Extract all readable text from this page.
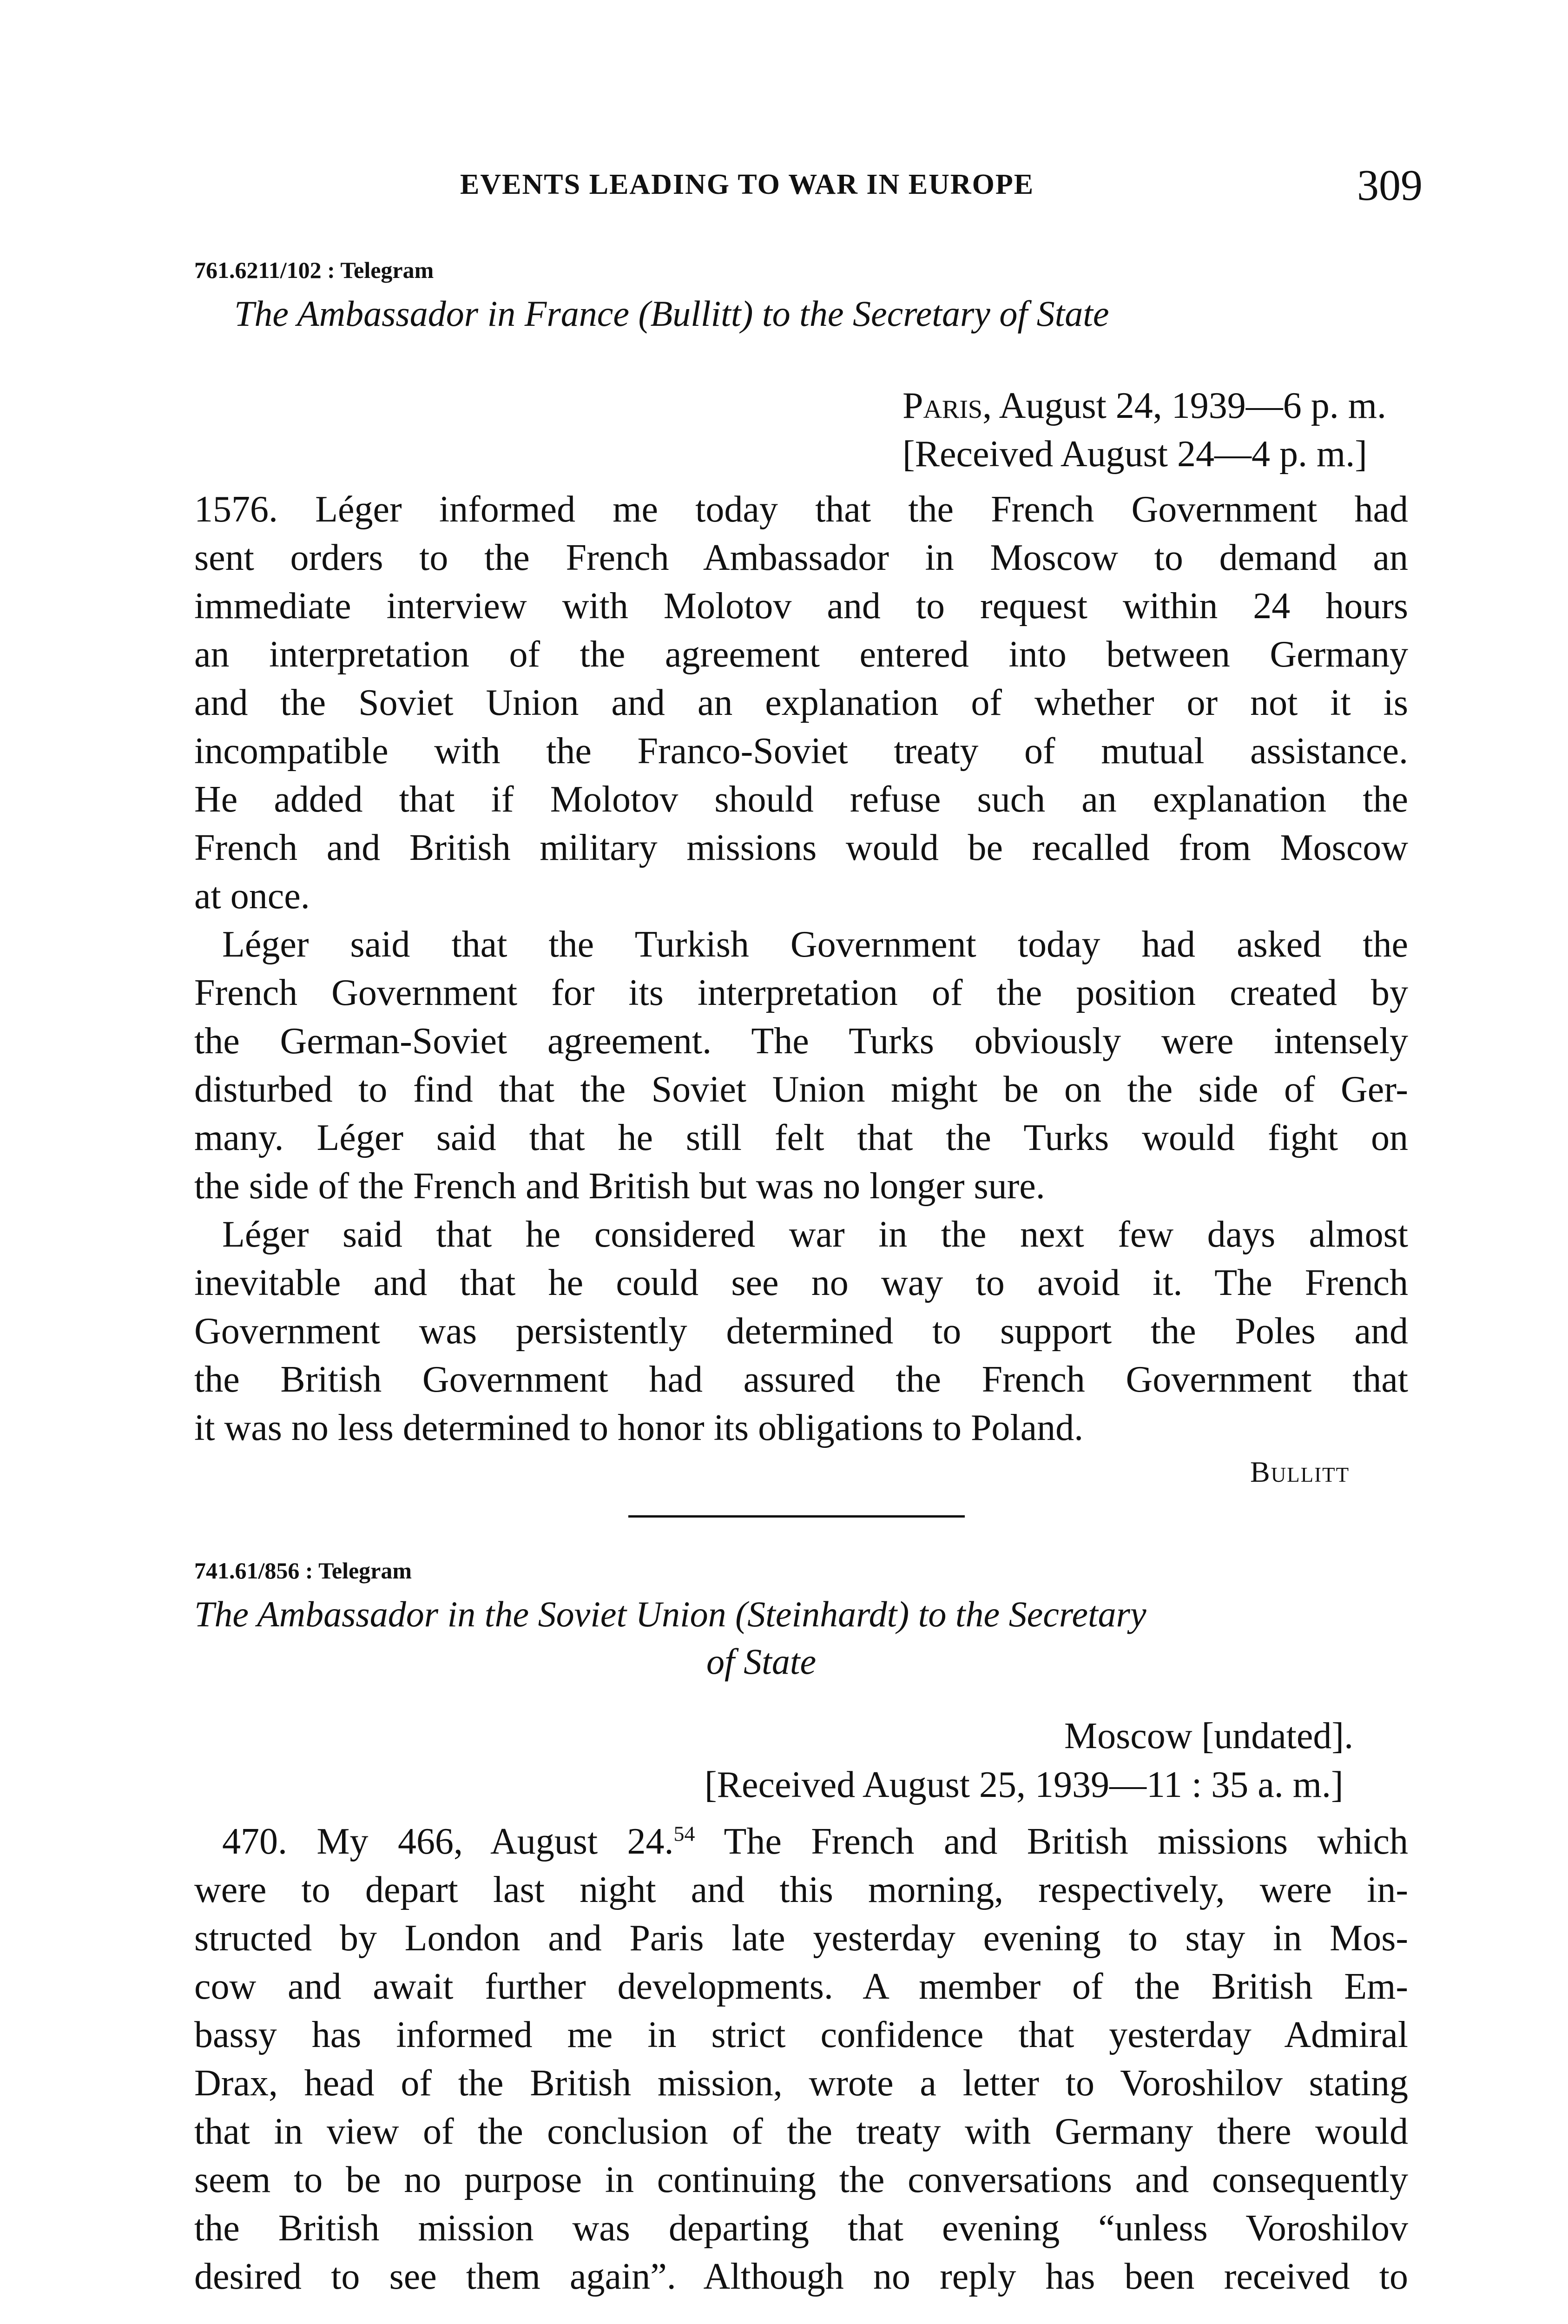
EVENTS LEADING TO WAR IN EUROPE	309
761.6211/102 : Telegram
The Ambassador in France (Bullitt) to the Secretary of State
Paris, August 24, 1939—6 p. m.
[Received August 24—4 p. m.]
1576. Léger informed me today that the French Government had
sent orders to the French Ambassador in Moscow to demand an
immediate interview with Molotov and to request within 24 hours
an interpretation of the agreement entered into between Germany
and the Soviet Union and an explanation of whether or not it is
incompatible with the Franco-Soviet treaty of mutual assistance.
He added that if Molotov should refuse such an explanation the
French and British military missions would be recalled from Moscow
at once.
Léger said that the Turkish Government today had asked the
French Government for its interpretation of the position created by
the German-Soviet agreement. The Turks obviously were intensely
disturbed to find that the Soviet Union might be on the side of Ger-
many. Léger said that he still felt that the Turks would fight on
the side of the French and British but was no longer sure.
Léger said that he considered war in the next few days almost
inevitable and that he could see no way to avoid it. The French
Government was persistently determined to support the Poles and
the British Government had assured the French Government that
it was no less determined to honor its obligations to Poland.
Bullitt
741.61/856 : Telegram
The Ambassador in the Soviet Union (Steinhardt) to the Secretary
of State
Moscow [undated].
[Received August 25, 1939—11 : 35 a. m.]
470. My 466, August 24.54 The French and British missions which
were to depart last night and this morning, respectively, were in-
structed by London and Paris late yesterday evening to stay in Mos-
cow and await further developments. A member of the British Em-
bassy has informed me in strict confidence that yesterday Admiral
Drax, head of the British mission, wrote a letter to Voroshilov stating
that in view of the conclusion of the treaty with Germany there would
seem to be no purpose in continuing the conversations and consequently
the British mission was departing that evening “unless Voroshilov
desired to see them again”. Although no reply has been received to
